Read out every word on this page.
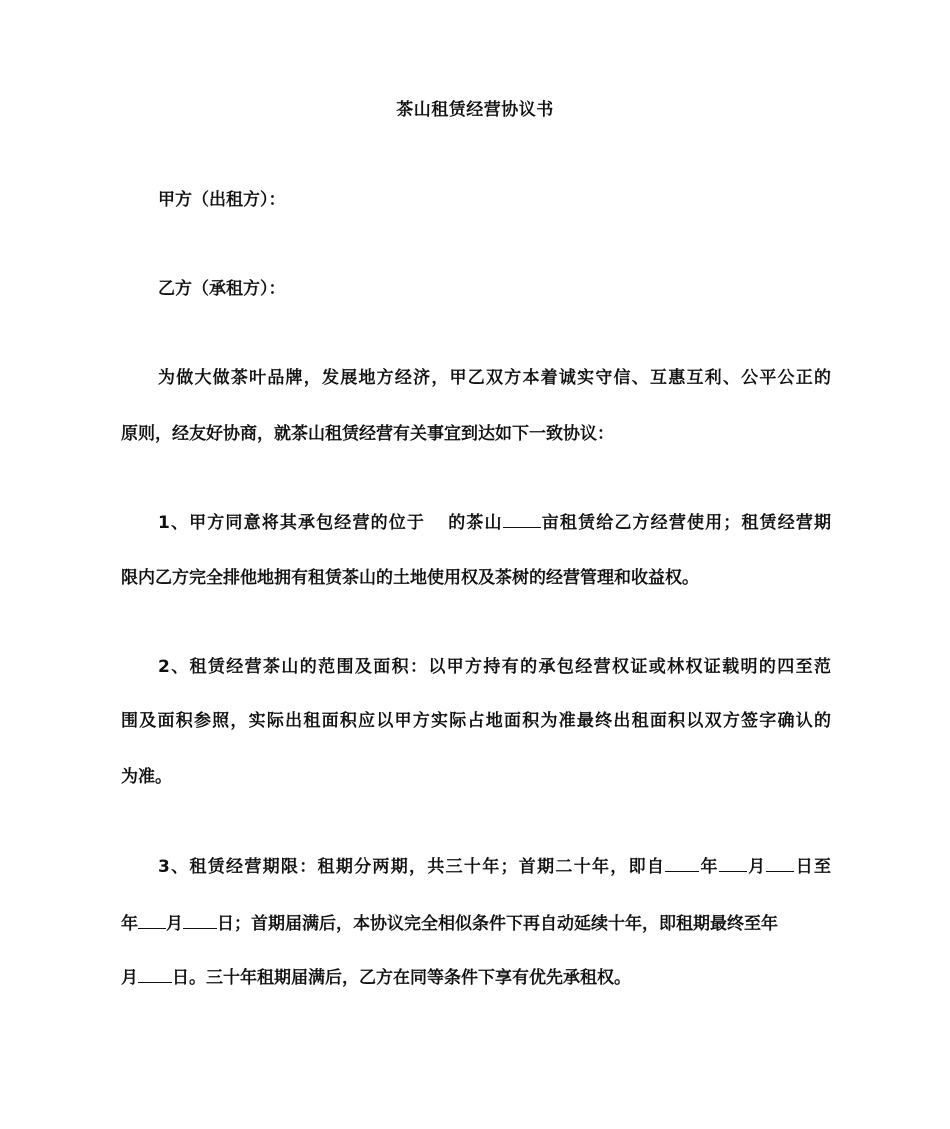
茶山租赁经营协议书
甲方（出租方）：
乙方（承租方）：
为做大做茶叶品牌，发展地方经济，甲乙双方本着诚实守信、互惠互利、公平公正的
原则，经友好协商，就茶山租赁经营有关事宜到达如下一致协议：
1、甲方同意将其承包经营的位于 的茶山 亩租赁给乙方经营使用；租赁经营期
限内乙方完全排他地拥有租赁茶山的土地使用权及茶树的经营管理和收益权。
2、租赁经营茶山的范围及面积：以甲方持有的承包经营权证或林权证载明的四至范
围及面积参照，实际出租面积应以甲方实际占地面积为准最终出租面积以双方签字确认的
为准。
3、租赁经营期限：租期分两期，共三十年；首期二十年，即自 年 月 日至
年 月 日；首期届满后，本协议完全相似条件下再自动延续十年，即租期最终至年
月 日。三十年租期届满后，乙方在同等条件下享有优先承租权。
